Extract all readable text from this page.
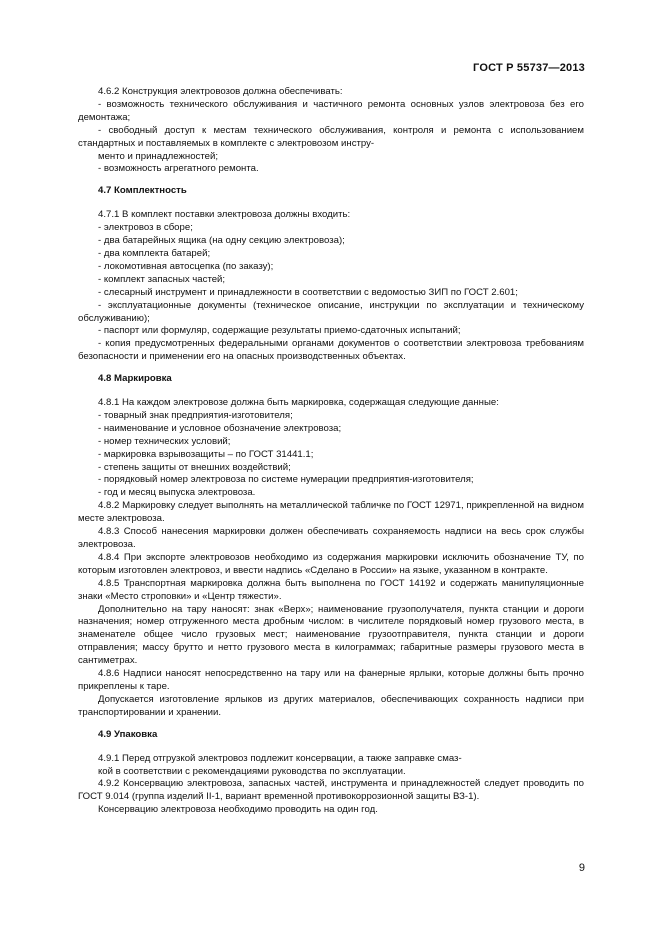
ГОСТ Р 55737—2013

4.6.2 Конструкция электровозов должна обеспечивать:

- возможность технического обслуживания и частичного ремонта основных узлов электровоза без его демонтажа;

- свободный доступ к местам технического обслуживания, контроля и ремонта с использованием стандартных и поставляемых в комплекте с электровозом инстру-

менто и принадлежностей;

- возможность агрегатного ремонта.

4.7 Комплектность

4.7.1 В комплект поставки электровоза должны входить:

- электровоз в сборе;

- два батарейных ящика (на одну секцию электровоза);

- два комплекта батарей;

- локомотивная автосцепка (по заказу);

- комплект запасных частей;

- слесарный инструмент и принадлежности в соответствии с ведомостью ЗИП по ГОСТ 2.601;

- эксплуатационные документы (техническое описание, инструкции по эксплуатации и техническому обслуживанию);

- паспорт или формуляр, содержащие результаты приемо-сдаточных испытаний;

- копия предусмотренных федеральными органами документов о соответствии электровоза требованиям безопасности и применении его на опасных производственных объектах.

4.8 Маркировка

4.8.1 На каждом электровозе должна быть маркировка, содержащая следующие данные:

- товарный знак предприятия-изготовителя;

- наименование и условное обозначение электровоза;

- номер технических условий;

- маркировка взрывозащиты – по ГОСТ 31441.1;

- степень защиты от внешних воздействий;

- порядковый номер электровоза по системе нумерации предприятия-изготовителя;

- год и месяц выпуска электровоза.

4.8.2 Маркировку следует выполнять на металлической табличке по ГОСТ 12971, прикрепленной на видном месте электровоза.

4.8.3 Способ нанесения маркировки должен обеспечивать сохраняемость надписи на весь срок службы электровоза.

4.8.4 При экспорте электровозов необходимо из содержания маркировки исключить обозначение ТУ, по которым изготовлен электровоз, и ввести надпись «Сделано в России» на языке, указанном в контракте.

4.8.5 Транспортная маркировка должна быть выполнена по ГОСТ 14192 и содержать манипуляционные знаки «Место строповки» и «Центр тяжести».

Дополнительно на тару наносят: знак «Верх»; наименование грузополучателя, пункта станции и дороги назначения; номер отгруженного места дробным числом: в числителе порядковый номер грузового места, в знаменателе общее число грузовых мест; наименование грузоотправителя, пункта станции и дороги отправления; массу брутто и нетто грузового места в килограммах; габаритные размеры грузового места в сантиметрах.

4.8.6 Надписи наносят непосредственно на тару или на фанерные ярлыки, которые должны быть прочно прикреплены к таре.

Допускается изготовление ярлыков из других материалов, обеспечивающих сохранность надписи при транспортировании и хранении.

4.9 Упаковка

4.9.1 Перед отгрузкой электровоз подлежит консервации, а также заправке смаз-

кой в соответствии с рекомендациями руководства по эксплуатации.

4.9.2 Консервацию электровоза, запасных частей, инструмента и принадлежностей следует проводить по ГОСТ 9.014 (группа изделий II-1, вариант временной противокоррозионной защиты ВЗ-1).

Консервацию электровоза необходимо проводить на один год.

9
